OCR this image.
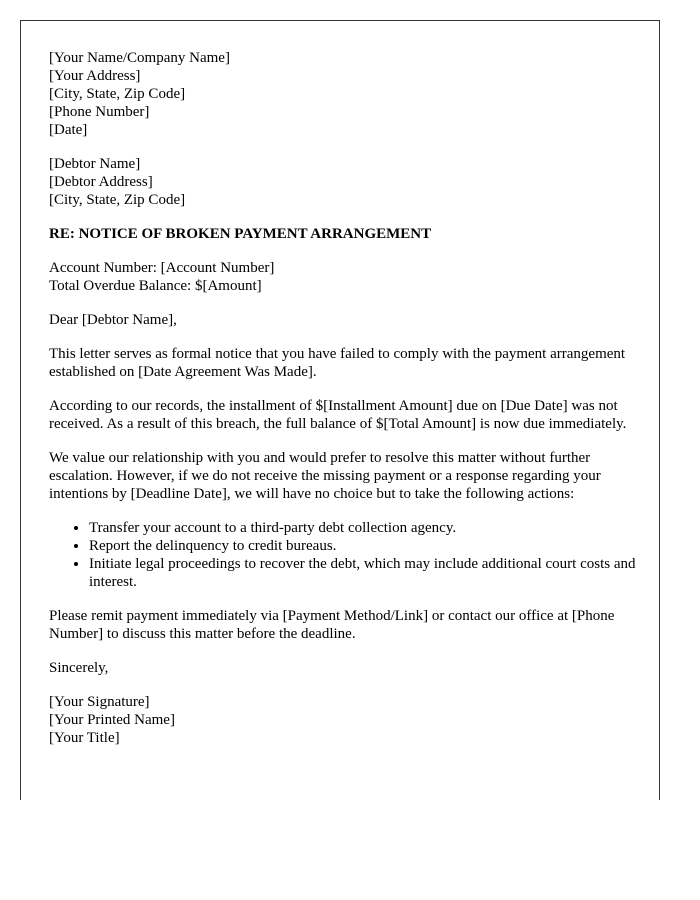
[Your Name/Company Name]
[Your Address]
[City, State, Zip Code]
[Phone Number]
[Date]
[Debtor Name]
[Debtor Address]
[City, State, Zip Code]
RE: NOTICE OF BROKEN PAYMENT ARRANGEMENT
Account Number: [Account Number]
Total Overdue Balance: $[Amount]

Dear [Debtor Name],

This letter serves as formal notice that you have failed to comply with the payment arrangement established on [Date Agreement Was Made].

According to our records, the installment of $[Installment Amount] due on [Due Date] was not received. As a result of this breach, the full balance of $[Total Amount] is now due immediately.

We value our relationship with you and would prefer to resolve this matter without further escalation. However, if we do not receive the missing payment or a response regarding your intentions by [Deadline Date], we will have no choice but to take the following actions:

• Transfer your account to a third-party debt collection agency.
• Report the delinquency to credit bureaus.
• Initiate legal proceedings to recover the debt, which may include additional court costs and interest.

Please remit payment immediately via [Payment Method/Link] or contact our office at [Phone Number] to discuss this matter before the deadline.

Sincerely,

[Your Signature]
[Your Printed Name]
[Your Title]
